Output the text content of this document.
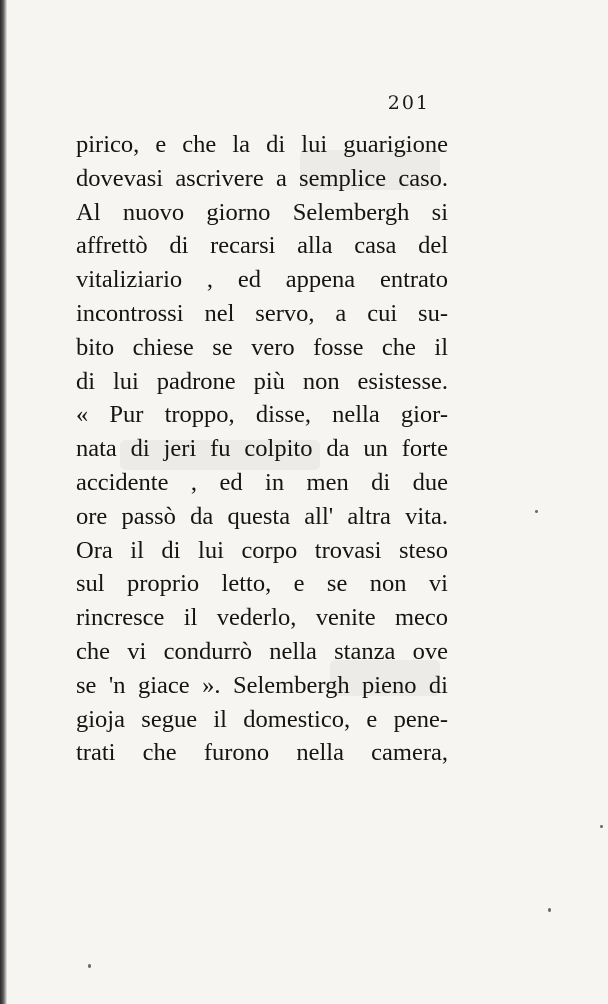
201
pirico, e che la di lui guarigione
dovevasi ascrivere a semplice caso.
Al nuovo giorno Selembergh si
affrettò di recarsi alla casa del
vitaliziario , ed appena entrato
incontrossi nel servo, a cui su-
bito chiese se vero fosse che il
di lui padrone più non esistesse.
« Pur troppo, disse, nella gior-
nata di jeri fu colpito da un forte
accidente , ed in men di due
ore passò da questa all' altra vita.
Ora il di lui corpo trovasi steso
sul proprio letto, e se non vi
rincresce il vederlo, venite meco
che vi condurrò nella stanza ove
se 'n giace ». Selembergh pieno di
gioja segue il domestico, e pene-
trati che furono nella camera,
